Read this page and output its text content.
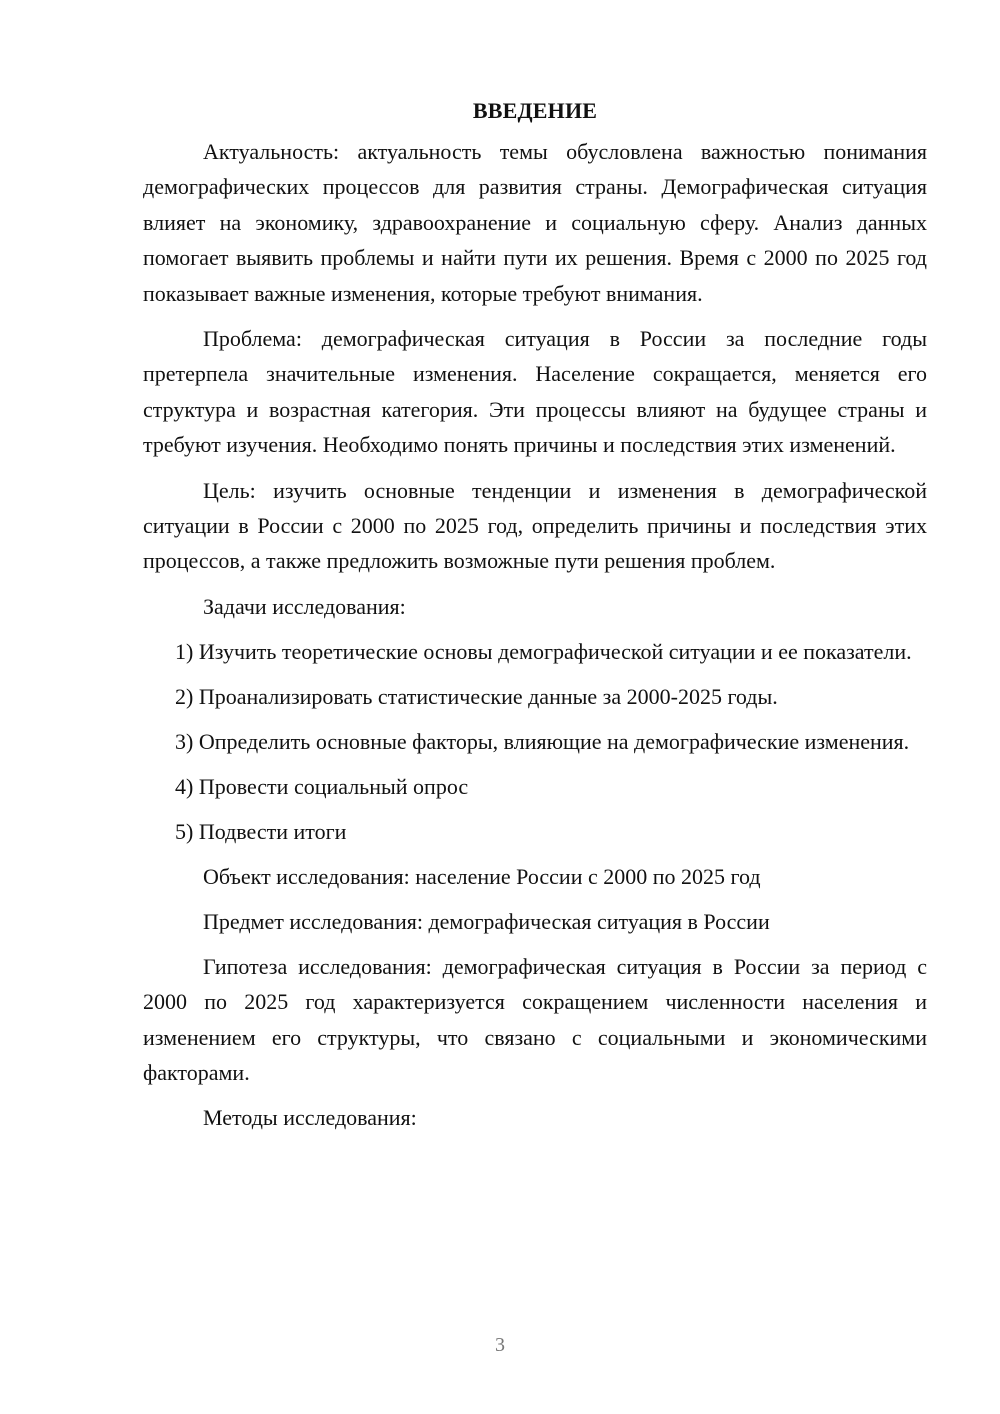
ВВЕДЕНИЕ

Актуальность: актуальность темы обусловлена важностью понимания демографических процессов для развития страны. Демографическая ситуация влияет на экономику, здравоохранение и социальную сферу. Анализ данных помогает выявить проблемы и найти пути их решения. Время с 2000 по 2025 год показывает важные изменения, которые требуют внимания.

Проблема: демографическая ситуация в России за последние годы претерпела значительные изменения. Население сокращается, меняется его структура и возрастная категория. Эти процессы влияют на будущее страны и требуют изучения. Необходимо понять причины и последствия этих изменений.

Цель: изучить основные тенденции и изменения в демографической ситуации в России с 2000 по 2025 год, определить причины и последствия этих процессов, а также предложить возможные пути решения проблем.

Задачи исследования:

1) Изучить теоретические основы демографической ситуации и ее показатели.

2) Проанализировать статистические данные за 2000-2025 годы.

3) Определить основные факторы, влияющие на демографические изменения.

4) Провести социальный опрос

5) Подвести итоги

Объект исследования: население России с 2000 по 2025 год

Предмет исследования: демографическая ситуация в России

Гипотеза исследования: демографическая ситуация в России за период с 2000 по 2025 год характеризуется сокращением численности населения и изменением его структуры, что связано с социальными и экономическими факторами.

Методы исследования:

3
